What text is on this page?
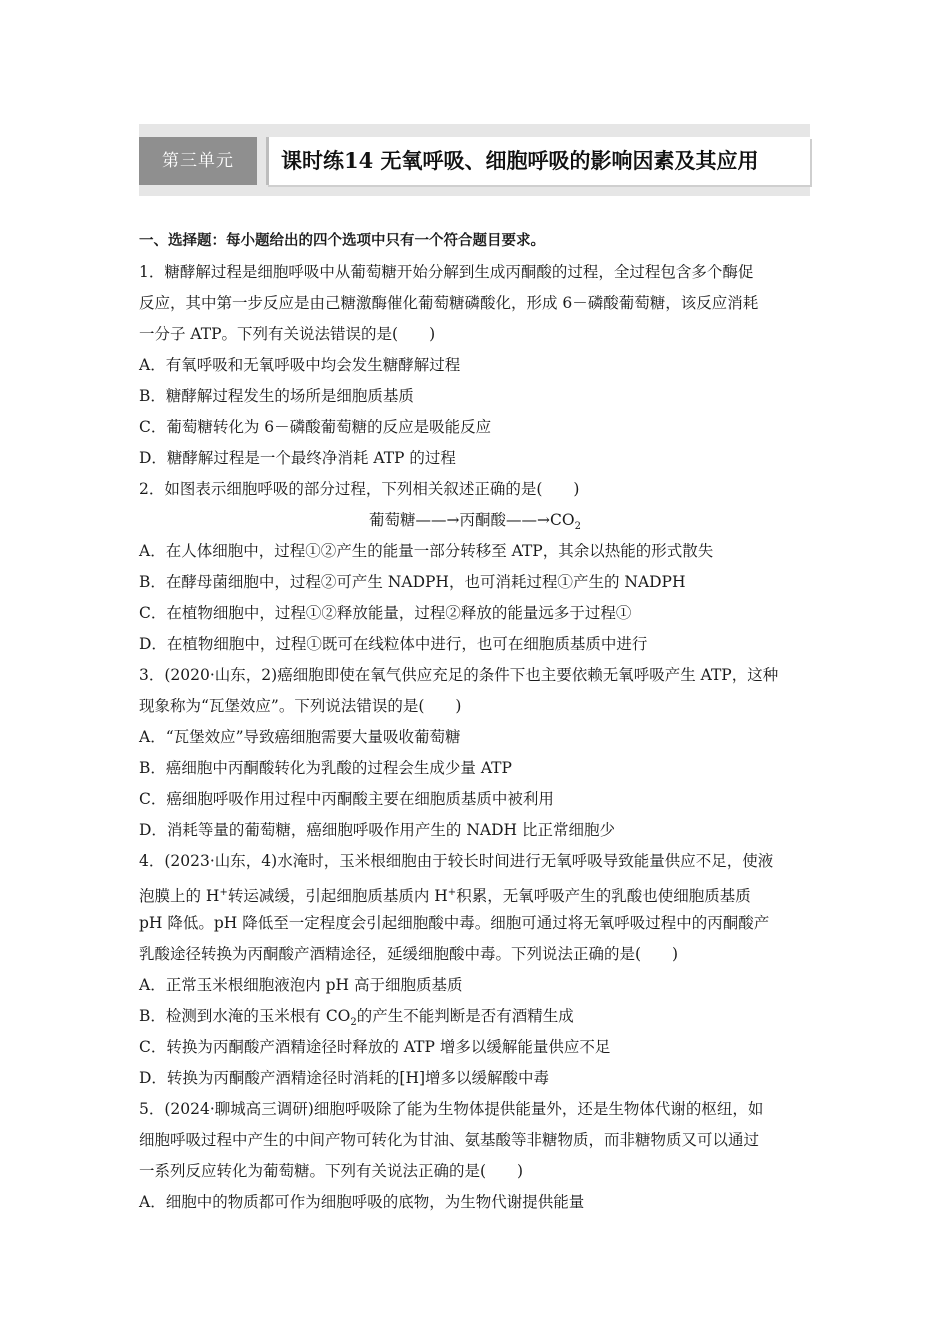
第三单元	课时练14 无氧呼吸、细胞呼吸的影响因素及其应用
一、选择题：每小题给出的四个选项中只有一个符合题目要求。
1．糖酵解过程是细胞呼吸中从葡萄糖开始分解到生成丙酮酸的过程，全过程包含多个酶促
反应，其中第一步反应是由己糖激酶催化葡萄糖磷酸化，形成 6－磷酸葡萄糖，该反应消耗
一分子 ATP。下列有关说法错误的是(　　)
A．有氧呼吸和无氧呼吸中均会发生糖酵解过程
B．糖酵解过程发生的场所是细胞质基质
C．葡萄糖转化为 6－磷酸葡萄糖的反应是吸能反应
D．糖酵解过程是一个最终净消耗 ATP 的过程
2．如图表示细胞呼吸的部分过程，下列相关叙述正确的是(　　)
葡萄糖——→丙酮酸$——\to CO_2$
A．在人体细胞中，过程①②产生的能量一部分转移至 ATP，其余以热能的形式散失
B．在酵母菌细胞中，过程②可产生 NADPH，也可消耗过程①产生的 NADPH
C．在植物细胞中，过程①②释放能量，过程②释放的能量远多于过程①
D．在植物细胞中，过程①既可在线粒体中进行，也可在细胞质基质中进行
3．(2020·山东，2)癌细胞即使在氧气供应充足的条件下也主要依赖无氧呼吸产生 ATP，这种
现象称为“瓦堡效应”。下列说法错误的是(　　)
A．“瓦堡效应”导致癌细胞需要大量吸收葡萄糖
B．癌细胞中丙酮酸转化为乳酸的过程会生成少量 ATP
C．癌细胞呼吸作用过程中丙酮酸主要在细胞质基质中被利用
D．消耗等量的葡萄糖，癌细胞呼吸作用产生的 NADH 比正常细胞少
4．(2023·山东，4)水淹时，玉米根细胞由于较长时间进行无氧呼吸导致能量供应不足，使液
泡膜上的 H+转运减缓，引起细胞质基质内 H+积累，无氧呼吸产生的乳酸也使细胞质基质
pH 降低。pH 降低至一定程度会引起细胞酸中毒。细胞可通过将无氧呼吸过程中的丙酮酸产
乳酸途径转换为丙酮酸产酒精途径，延缓细胞酸中毒。下列说法正确的是(　　)
A．正常玉米根细胞液泡内 pH 高于细胞质基质
B．检测到水淹的玉米根有 $CO_2$的产生不能判断是否有酒精生成
C．转换为丙酮酸产酒精途径时释放的 ATP 增多以缓解能量供应不足
D．转换为丙酮酸产酒精途径时消耗的[H]增多以缓解酸中毒
5．(2024·聊城高三调研)细胞呼吸除了能为生物体提供能量外，还是生物体代谢的枢纽，如
细胞呼吸过程中产生的中间产物可转化为甘油、氨基酸等非糖物质，而非糖物质又可以通过
一系列反应转化为葡萄糖。下列有关说法正确的是(　　)
A．细胞中的物质都可作为细胞呼吸的底物，为生物代谢提供能量
